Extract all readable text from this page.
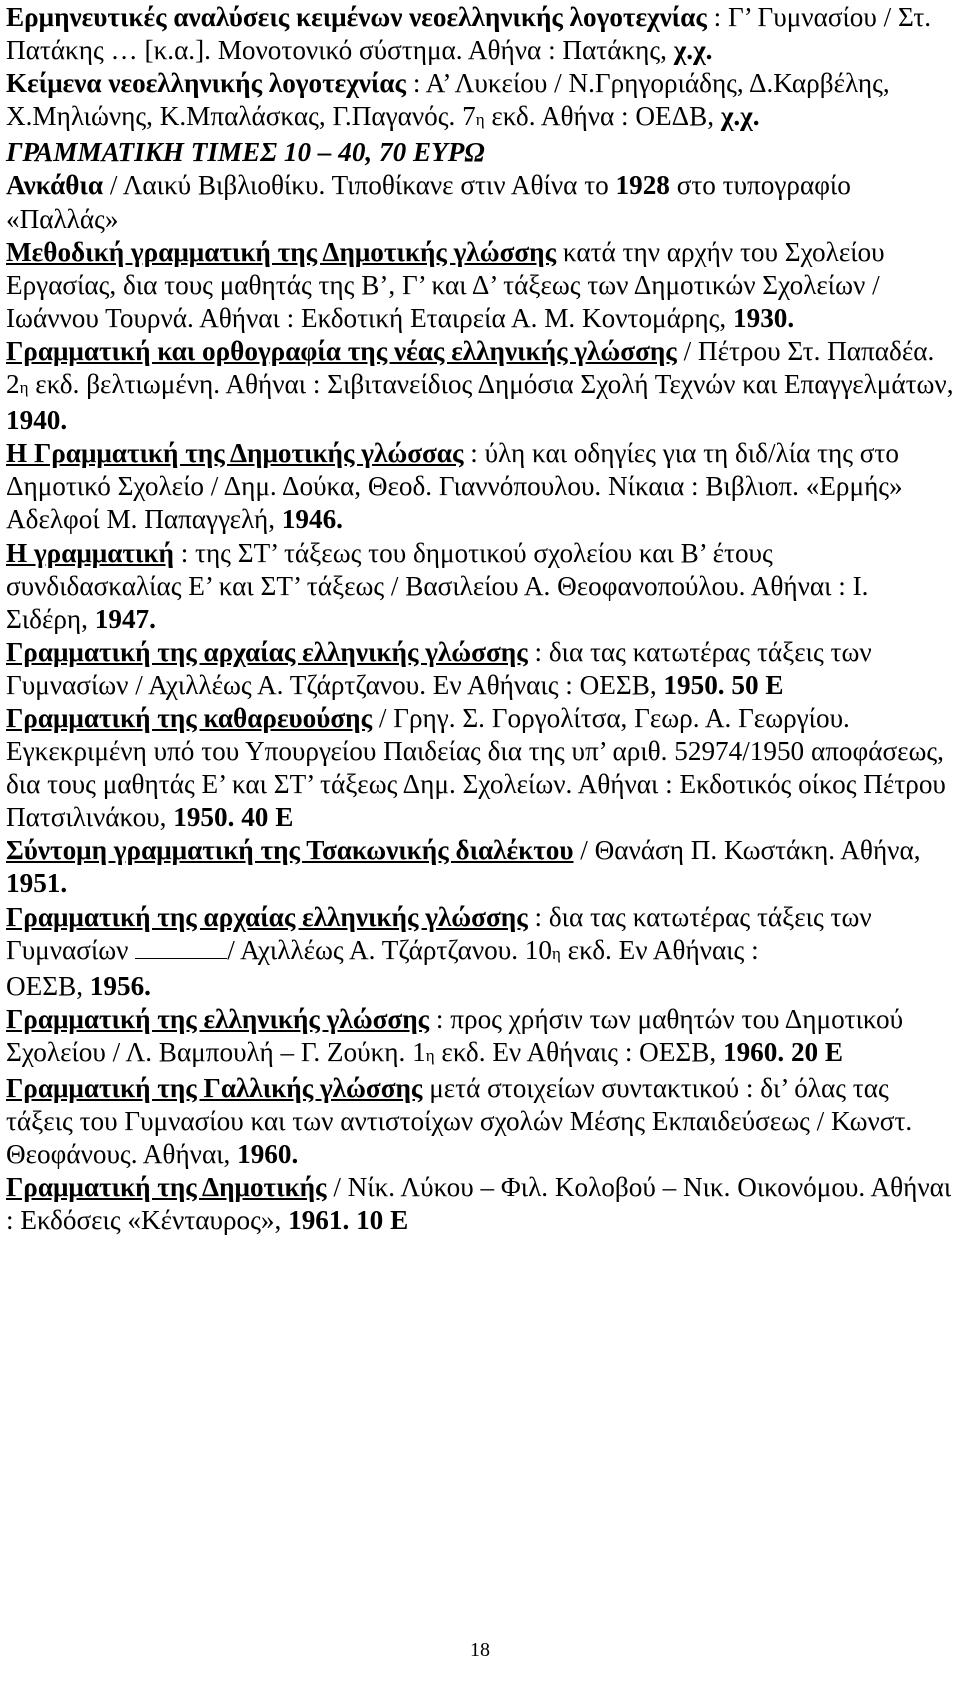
Ερμηνευτικές αναλύσεις κειμένων νεοελληνικής λογοτεχνίας : Γ’ Γυμνασίου / Στ. Πατάκης … [κ.α.]. Μονοτονικό σύστημα. Αθήνα : Πατάκης, χ.χ.

Κείμενα νεοελληνικής λογοτεχνίας : Α’ Λυκείου / Ν.Γρηγοριάδης, Δ.Καρβέλης, Χ.Μηλιώνης, Κ.Μπαλάσκας, Γ.Παγανός. 7η εκδ. Αθήνα : ΟΕΔΒ, χ.χ.

ΓΡΑΜΜΑΤΙΚΗ ΤΙΜΕΣ 10 – 40, 70 ΕΥΡΩ

Ανκάθια / Λαικύ Βιβλιοθίκυ. Τιποθίκανε στιν Αθίνα το 1928 στο τυπογραφίο «Παλλάς»

Μεθοδική γραμματική της Δημοτικής γλώσσης κατά την αρχήν του Σχολείου Εργασίας, δια τους μαθητάς της Β’, Γ’ και Δ’ τάξεως των Δημοτικών Σχολείων / Ιωάννου Τουρνά. Αθήναι : Εκδοτική Εταιρεία Α. Μ. Κοντομάρης, 1930.

Γραμματική και ορθογραφία της νέας ελληνικής γλώσσης / Πέτρου Στ. Παπαδέα. 2η εκδ. βελτιωμένη. Αθήναι : Σιβιτανείδιος Δημόσια Σχολή Τεχνών και Επαγγελμάτων, 1940.

Η Γραμματική της Δημοτικής γλώσσας : ύλη και οδηγίες για τη διδ/λία της στο Δημοτικό Σχολείο / Δημ. Δούκα, Θεοδ. Γιαννόπουλου. Νίκαια : Βιβλιοπ. «Ερμής» Αδελφοί Μ. Παπαγγελή, 1946.

Η γραμματική : της ΣΤ’ τάξεως του δημοτικού σχολείου και Β’ έτους συνδιδασκαλίας Ε’ και ΣΤ’ τάξεως / Βασιλείου Α. Θεοφανοπούλου. Αθήναι : Ι. Σιδέρη, 1947.

Γραμματική της αρχαίας ελληνικής γλώσσης : δια τας κατωτέρας τάξεις των Γυμνασίων / Αχιλλέως Α. Τζάρτζανου. Εν Αθήναις : ΟΕΣΒ, 1950. 50 Ε

Γραμματική της καθαρευούσης / Γρηγ. Σ. Γοργολίτσα, Γεωρ. Α. Γεωργίου. Εγκεκριμένη υπό του Υπουργείου Παιδείας δια της υπ’ αριθ. 52974/1950 αποφάσεως, δια τους μαθητάς Ε’ και ΣΤ’ τάξεως Δημ. Σχολείων. Αθήναι : Εκδοτικός οίκος Πέτρου Πατσιλινάκου, 1950. 40 Ε

Σύντομη γραμματική της Τσακωνικής διαλέκτου / Θανάση Π. Κωστάκη. Αθήνα, 1951.

Γραμματική της αρχαίας ελληνικής γλώσσης : δια τας κατωτέρας τάξεις των Γυμνασίων	/ Αχιλλέως Α. Τζάρτζανου. 10η εκδ. Εν Αθήναις :
ΟΕΣΒ, 1956.

Γραμματική της ελληνικής γλώσσης : προς χρήσιν των μαθητών του Δημοτικού Σχολείου / Λ. Βαμπουλή – Γ. Ζούκη. 1η εκδ. Εν Αθήναις : ΟΕΣΒ, 1960. 20 Ε

Γραμματική της Γαλλικής γλώσσης μετά στοιχείων συντακτικού : δι’ όλας τας τάξεις του Γυμνασίου και των αντιστοίχων σχολών Μέσης Εκπαιδεύσεως / Κωνστ. Θεοφάνους. Αθήναι, 1960.

Γραμματική της Δημοτικής / Νίκ. Λύκου – Φιλ. Κολοβού – Νικ. Οικονόμου. Αθήναι : Εκδόσεις «Κένταυρος», 1961. 10 Ε

18
